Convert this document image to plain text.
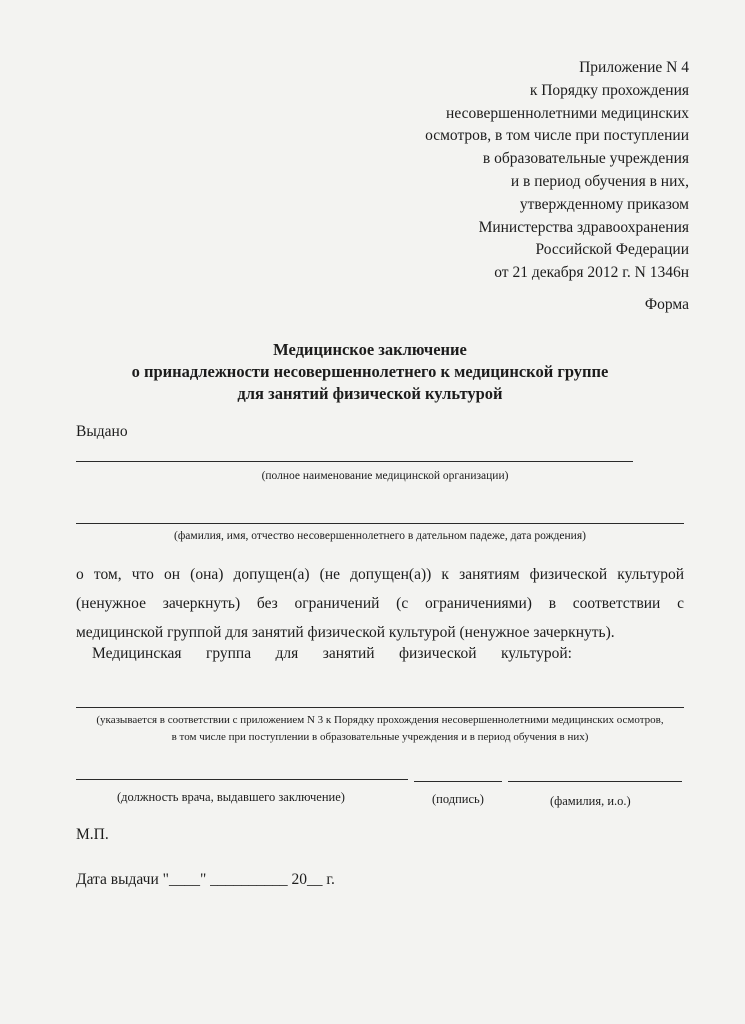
Приложение N 4
к Порядку прохождения
несовершеннолетними медицинских
осмотров, в том числе при поступлении
в образовательные учреждения
и в период обучения в них,
утвержденному приказом
Министерства здравоохранения
Российской Федерации
от 21 декабря 2012 г. N 1346н
Форма
Медицинское заключение
о принадлежности несовершеннолетнего к медицинской группе
для занятий физической культурой
Выдано
(полное наименование медицинской организации)
(фамилия, имя, отчество несовершеннолетнего в дательном падеже, дата рождения)
о том, что он (она) допущен(а) (не допущен(а)) к занятиям физической культурой
(ненужное зачеркнуть) без ограничений (с ограничениями) в соответствии с
медицинской группой для занятий физической культурой (ненужное зачеркнуть).
Медицинская группа для занятий физической культурой:
(указывается в соответствии с приложением N 3 к Порядку прохождения несовершеннолетними медицинских осмотров,
в том числе при поступлении в образовательные учреждения и в период обучения в них)
(должность врача, выдавшего заключение)	(подпись)	(фамилия, и.о.)
М.П.
Дата выдачи "____" __________ 20__ г.
